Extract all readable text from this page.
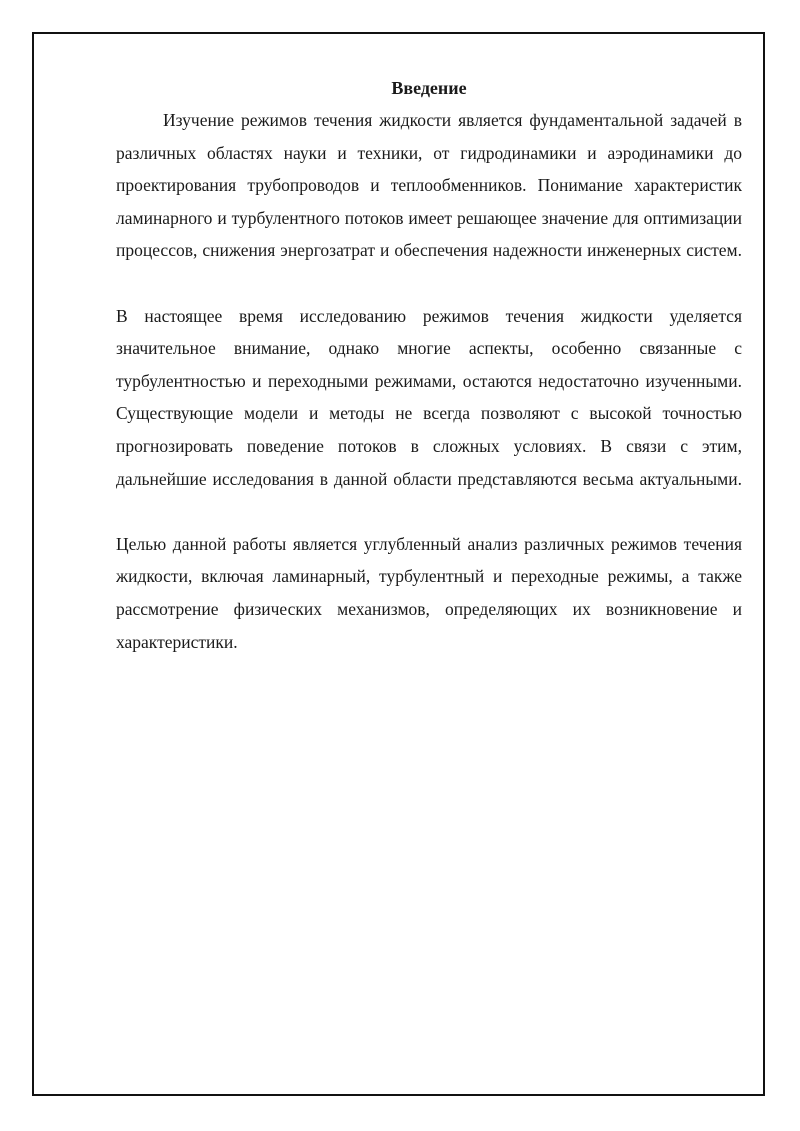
Введение

Изучение режимов течения жидкости является фундаментальной задачей в различных областях науки и техники, от гидродинамики и аэродинамики до проектирования трубопроводов и теплообменников. Понимание характеристик ламинарного и турбулентного потоков имеет решающее значение для оптимизации процессов, снижения энергозатрат и обеспечения надежности инженерных систем.

В настоящее время исследованию режимов течения жидкости уделяется значительное внимание, однако многие аспекты, особенно связанные с турбулентностью и переходными режимами, остаются недостаточно изученными. Существующие модели и методы не всегда позволяют с высокой точностью прогнозировать поведение потоков в сложных условиях. В связи с этим, дальнейшие исследования в данной области представляются весьма актуальными.

Целью данной работы является углубленный анализ различных режимов течения жидкости, включая ламинарный, турбулентный и переходные режимы, а также рассмотрение физических механизмов, определяющих их возникновение и характеристики.
